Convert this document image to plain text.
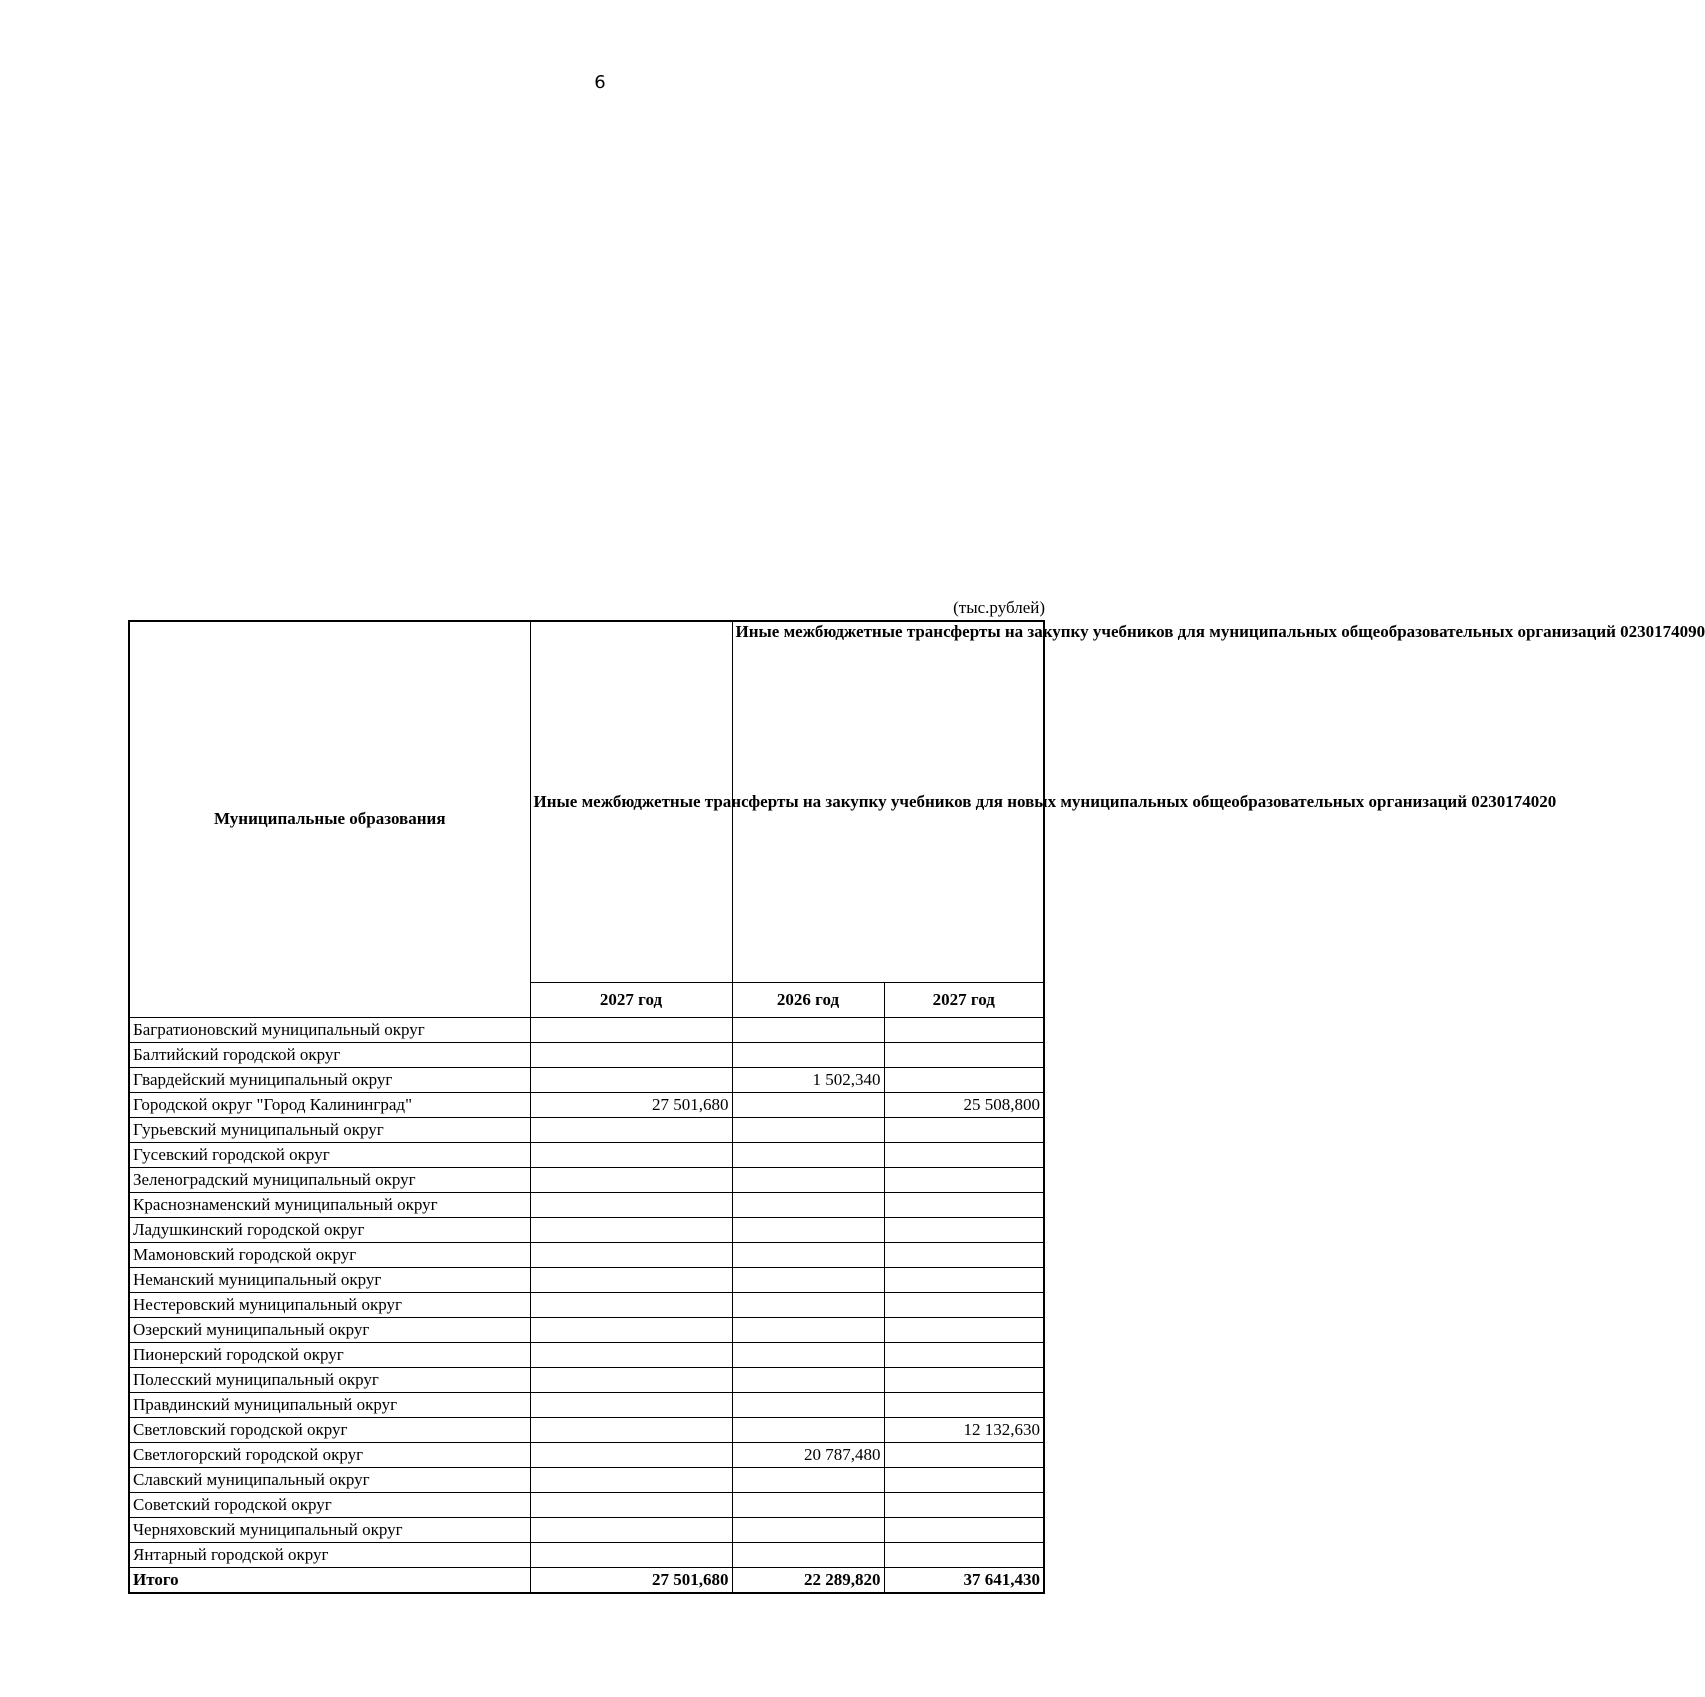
6
(тыс.рублей)
Муниципальные образования	Иные межбюджетные трансферты на закупку учебников для новых муниципальных общеобразовательных организаций 0230174020	Иные межбюджетные трансферты на закупку учебников для муниципальных общеобразовательных организаций 0230174090	
	2027 год	2026 год	2027 год
Багратионовский муниципальный округ			
Балтийский городской округ			
Гвардейский муниципальный округ		1 502,340	
Городской округ "Город Калининград"	27 501,680		25 508,800
Гурьевский муниципальный округ			
Гусевский городской округ			
Зеленоградский муниципальный округ			
Краснознаменский муниципальный округ			
Ладушкинский городской округ			
Мамоновский городской округ			
Неманский муниципальный округ			
Нестеровский муниципальный округ			
Озерский муниципальный округ			
Пионерский городской округ			
Полесский муниципальный округ			
Правдинский муниципальный округ			
Светловский городской округ			12 132,630
Светлогорский городской округ		20 787,480	
Славский муниципальный округ			
Советский городской округ			
Черняховский муниципальный округ			
Янтарный городской округ			
Итого	27 501,680	22 289,820	37 641,430
